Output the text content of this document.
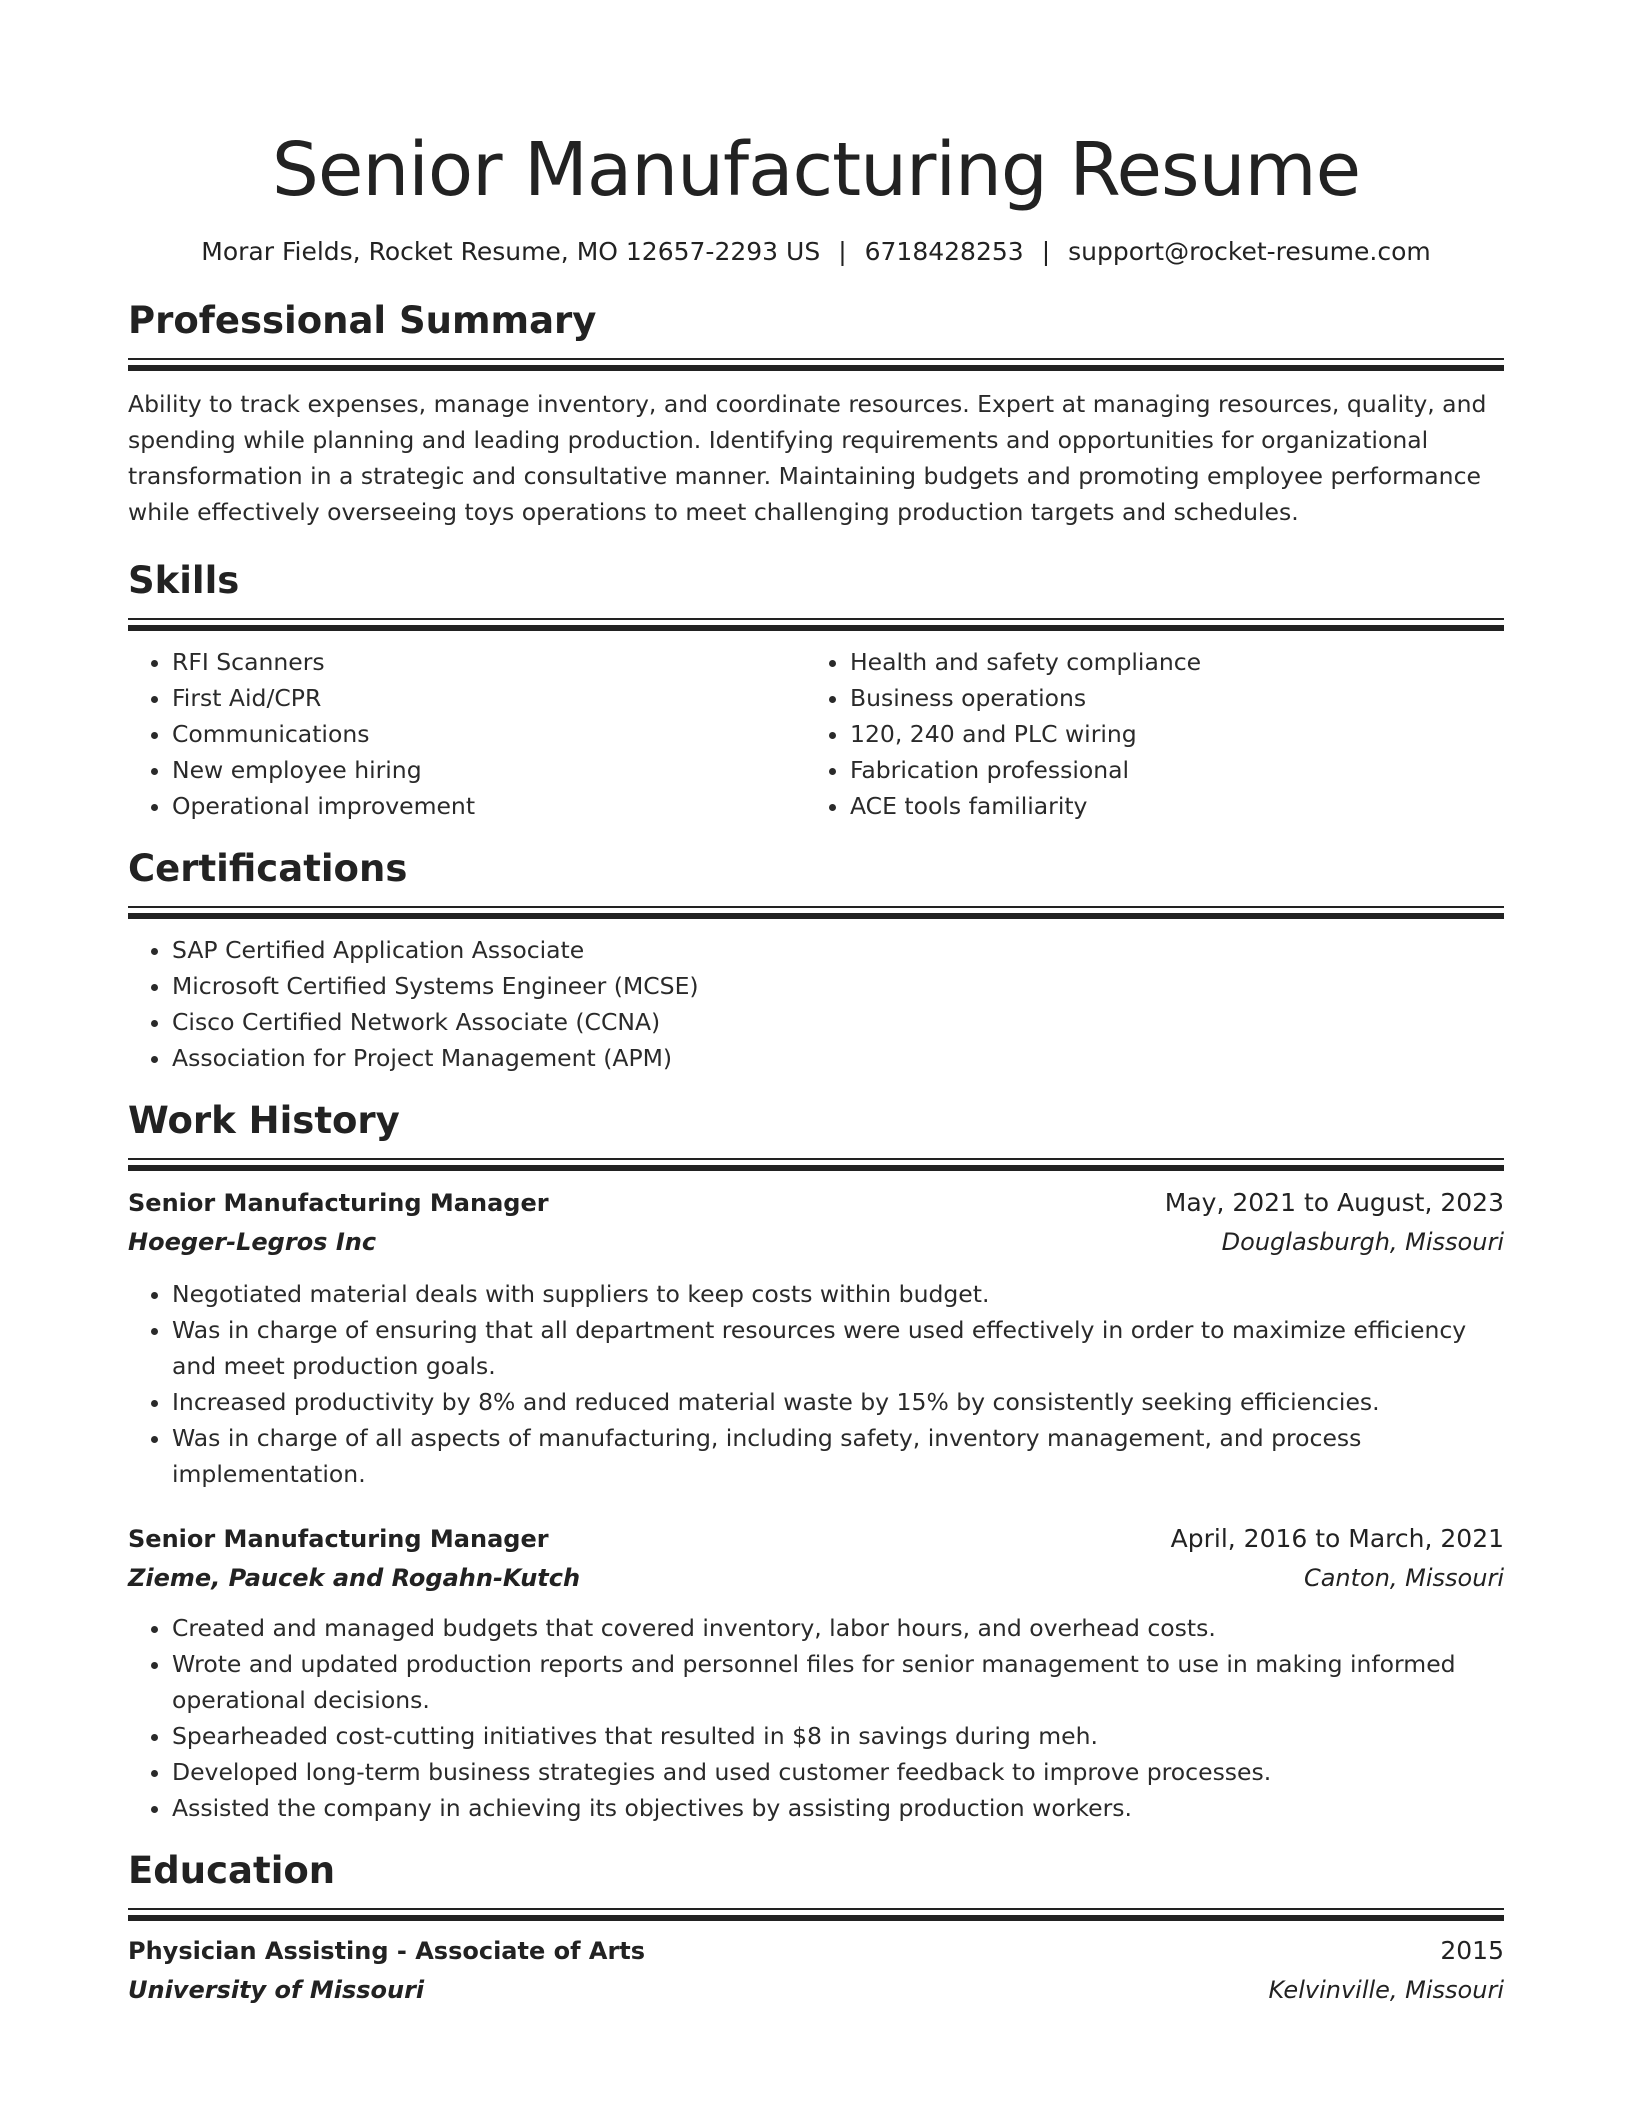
Senior Manufacturing Resume
Morar Fields, Rocket Resume, MO 12657-2293 US | 6718428253 | support@rocket-resume.com
Professional Summary
Ability to track expenses, manage inventory, and coordinate resources. Expert at managing resources, quality, and spending while planning and leading production. Identifying requirements and opportunities for organizational transformation in a strategic and consultative manner. Maintaining budgets and promoting employee performance while effectively overseeing toys operations to meet challenging production targets and schedules.
Skills
• RFI Scanners
• First Aid/CPR
• Communications
• New employee hiring
• Operational improvement
• Health and safety compliance
• Business operations
• 120, 240 and PLC wiring
• Fabrication professional
• ACE tools familiarity
Certifications
• SAP Certified Application Associate
• Microsoft Certified Systems Engineer (MCSE)
• Cisco Certified Network Associate (CCNA)
• Association for Project Management (APM)
Work History
Senior Manufacturing Manager	May, 2021 to August, 2023
Hoeger-Legros Inc	Douglasburgh, Missouri
• Negotiated material deals with suppliers to keep costs within budget.
• Was in charge of ensuring that all department resources were used effectively in order to maximize efficiency and meet production goals.
• Increased productivity by 8% and reduced material waste by 15% by consistently seeking efficiencies.
• Was in charge of all aspects of manufacturing, including safety, inventory management, and process implementation.
Senior Manufacturing Manager	April, 2016 to March, 2021
Zieme, Paucek and Rogahn-Kutch	Canton, Missouri
• Created and managed budgets that covered inventory, labor hours, and overhead costs.
• Wrote and updated production reports and personnel files for senior management to use in making informed operational decisions.
• Spearheaded cost-cutting initiatives that resulted in $8 in savings during meh.
• Developed long-term business strategies and used customer feedback to improve processes.
• Assisted the company in achieving its objectives by assisting production workers.
Education
Physician Assisting - Associate of Arts	2015
University of Missouri	Kelvinville, Missouri
